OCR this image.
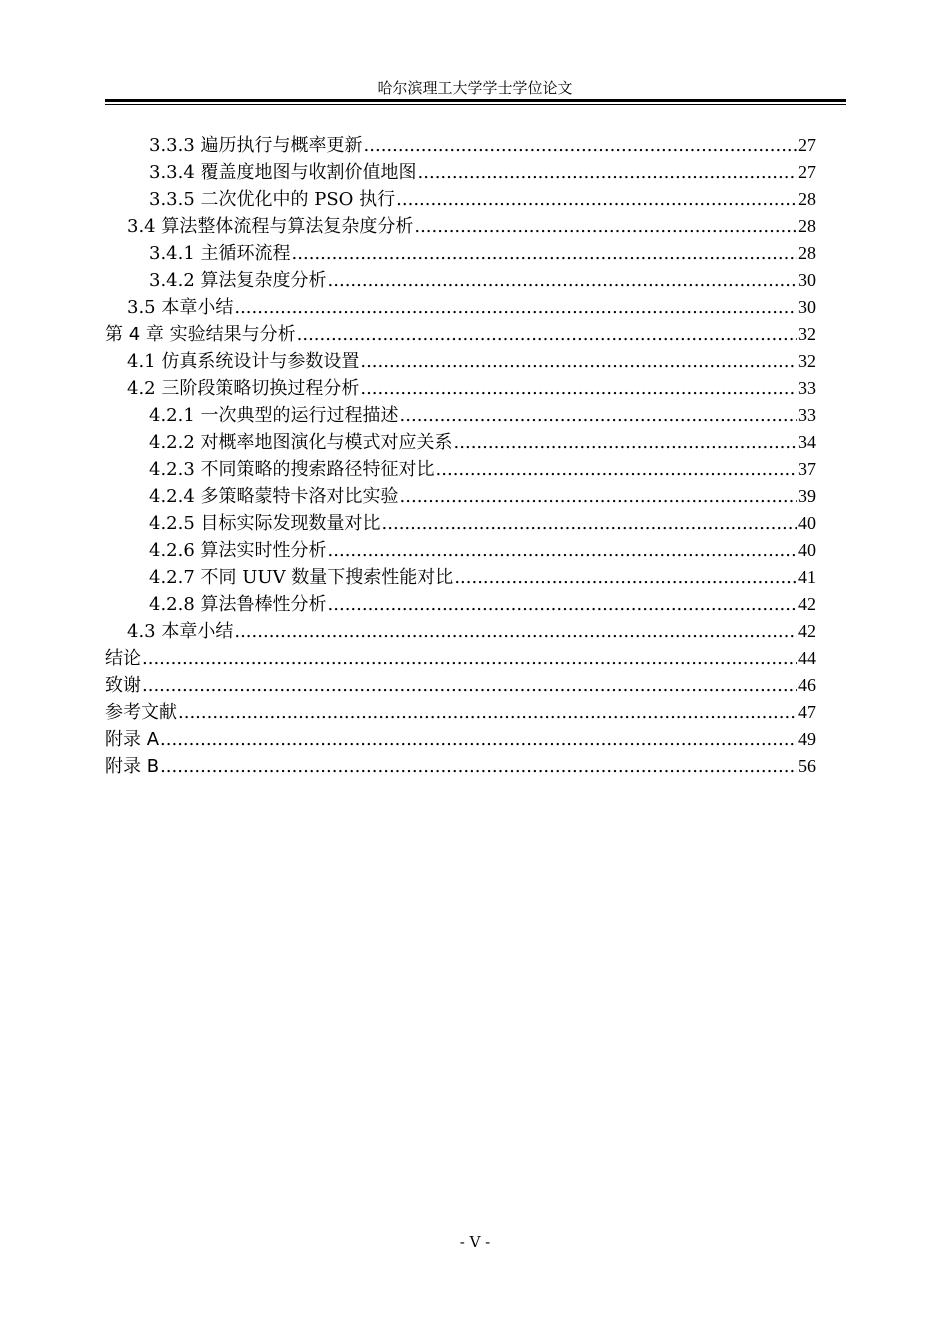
哈尔滨理工大学学士学位论文
3.3.3 遍历执行与概率更新 .....	27
3.3.4 覆盖度地图与收割价值地图 .....	27
3.3.5 二次优化中的 PSO 执行 .....	28
3.4 算法整体流程与算法复杂度分析 .....	28
3.4.1 主循环流程 .....	28
3.4.2 算法复杂度分析 .....	30
3.5 本章小结 .....	30
第 4 章 实验结果与分析 .....	32
4.1 仿真系统设计与参数设置 .....	32
4.2 三阶段策略切换过程分析 .....	33
4.2.1 一次典型的运行过程描述 .....	33
4.2.2 对概率地图演化与模式对应关系 .....	34
4.2.3 不同策略的搜索路径特征对比 .....	37
4.2.4 多策略蒙特卡洛对比实验 .....	39
4.2.5 目标实际发现数量对比 .....	40
4.2.6 算法实时性分析 .....	40
4.2.7 不同 UUV 数量下搜索性能对比 .....	41
4.2.8 算法鲁棒性分析 .....	42
4.3 本章小结 .....	42
结论 .....	44
致谢 .....	46
参考文献 .....	47
附录 A .....	49
附录 B .....	56
- V -
